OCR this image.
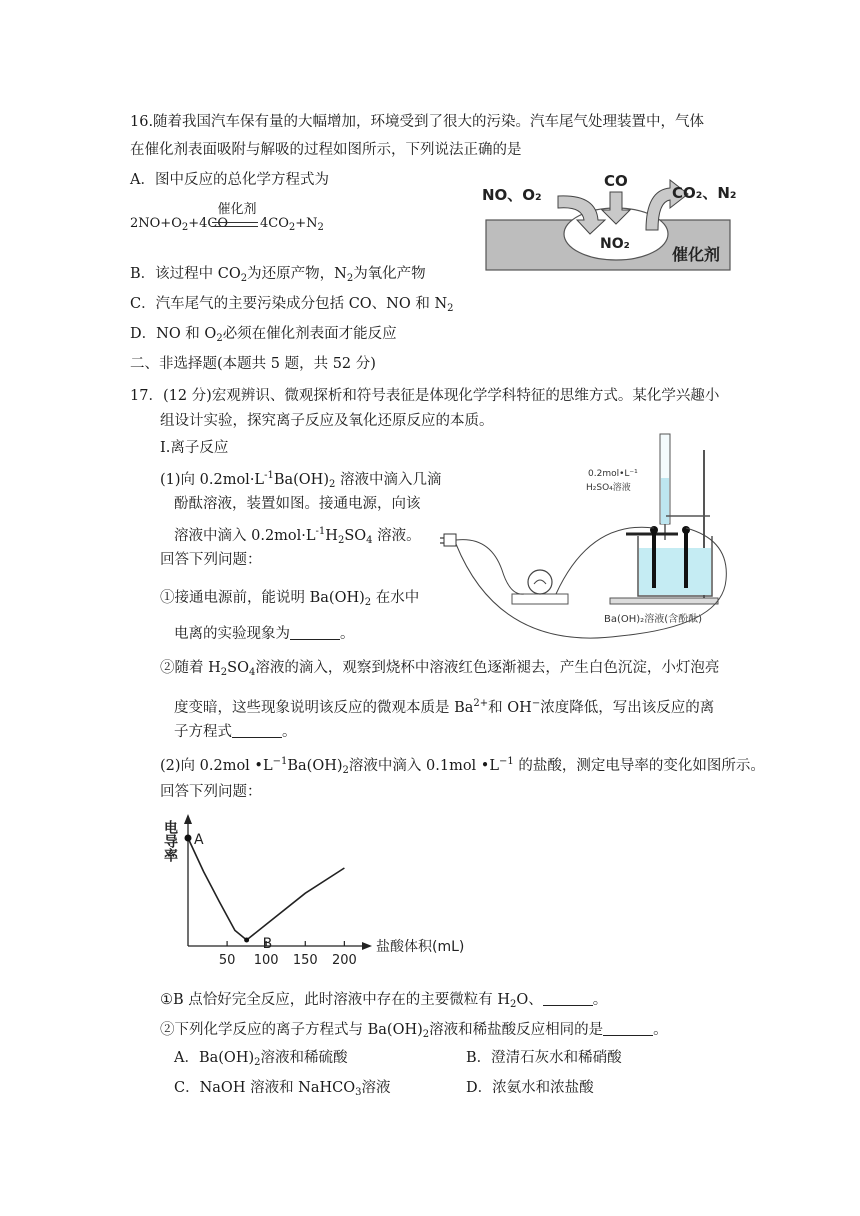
16.随着我国汽车保有量的大幅增加，环境受到了很大的污染。汽车尾气处理装置中，气体
在催化剂表面吸附与解吸的过程如图所示，下列说法正确的是
A．图中反应的总化学方程式为
$2NO+O_2+4CO$
催化剂
$4CO_2+N_2$
B．该过程中 $CO_2$为还原产物，$N_2$为氧化产物
C．汽车尾气的主要污染成分包括 CO、NO 和 $N_2$
D．NO 和 $O_2$必须在催化剂表面才能反应
NO、O₂
CO
CO₂、N₂
NO₂
催化剂
二、非选择题(本题共 5 题，共 52 分)
17．(12 分)宏观辨识、微观探析和符号表征是体现化学学科特征的思维方式。某化学兴趣小
组设计实验，探究离子反应及氧化还原反应的本质。
I.离子反应
(1)向 $0.2mol\cdot L^{-1}Ba(OH)_2$ 溶液中滴入几滴
酚酞溶液，装置如图。接通电源，向该
溶液中滴入 $0.2mol\cdot L^{-1}H_2SO_4$ 溶液。
回答下列问题：
①接通电源前，能说明 $Ba(OH)_2$ 在水中
电离的实验现象为	。
0.2mol•L⁻¹
H₂SO₄溶液
Ba(OH)₂溶液(含酚酞)
②随着 $H_2SO_4$溶液的滴入，观察到烧杯中溶液红色逐渐褪去，产生白色沉淀，小灯泡亮
度变暗，这些现象说明该反应的微观本质是 $Ba^{2+}$和 OH−浓度降低，写出该反应的离
子方程式	。
(2)向 0.2mol $•L^{-1}Ba(OH)_2$溶液中滴入 0.1mol $•L^{-1}$ 的盐酸，测定电导率的变化如图所示。
回答下列问题：
盐酸体积(mL)
电导率
50 100 150 200
A
B
①B 点恰好完全反应，此时溶液中存在的主要微粒有 $H_2O$、	。
②下列化学反应的离子方程式与 $Ba(OH)_2$溶液和稀盐酸反应相同的是	。
A．$Ba(OH)_2$溶液和稀硫酸	B．澄清石灰水和稀硝酸
C．NaOH 溶液和 NaHCO$_3$溶液	D．浓氨水和浓盐酸
